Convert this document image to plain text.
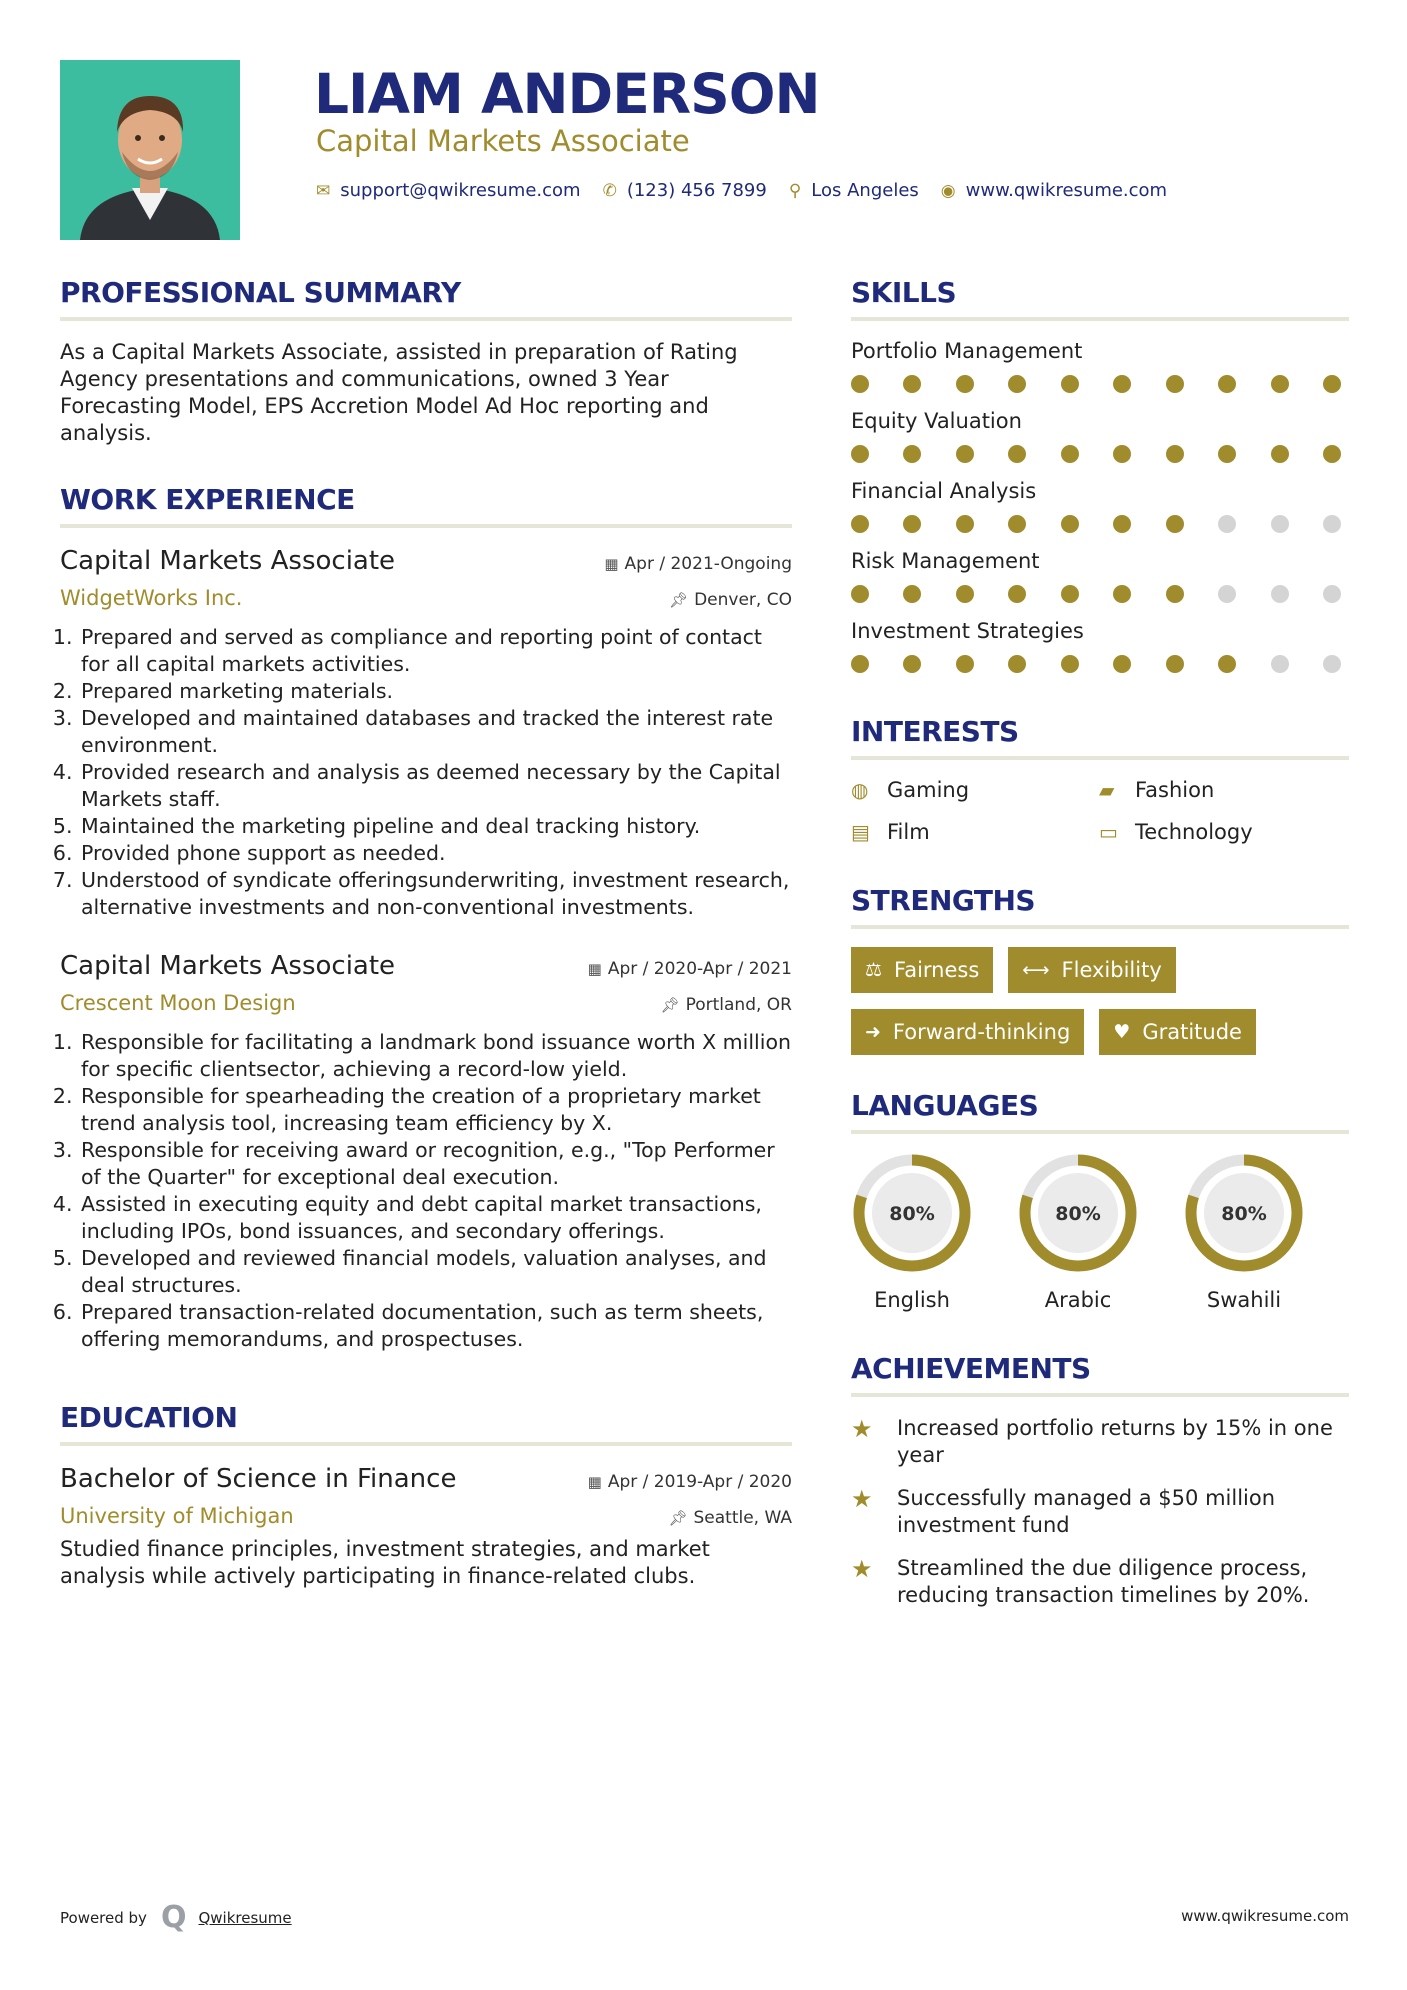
LIAM ANDERSON
Capital Markets Associate
✉ support@qwikresume.com ✆ (123) 456 7899 ⚲ Los Angeles ◉ www.qwikresume.com
PROFESSIONAL SUMMARY
As a Capital Markets Associate, assisted in preparation of Rating Agency presentations and communications, owned 3 Year Forecasting Model, EPS Accretion Model Ad Hoc reporting and analysis.
WORK EXPERIENCE
Capital Markets Associate	▦ Apr / 2021-Ongoing
WidgetWorks Inc.	📌︎ Denver, CO
1. Prepared and served as compliance and reporting point of contact for all capital markets activities.
2. Prepared marketing materials.
3. Developed and maintained databases and tracked the interest rate environment.
4. Provided research and analysis as deemed necessary by the Capital Markets staff.
5. Maintained the marketing pipeline and deal tracking history.
6. Provided phone support as needed.
7. Understood of syndicate offeringsunderwriting, investment research, alternative investments and non-conventional investments.
Capital Markets Associate	▦ Apr / 2020-Apr / 2021
Crescent Moon Design	📌︎ Portland, OR
1. Responsible for facilitating a landmark bond issuance worth X million for specific clientsector, achieving a record-low yield.
2. Responsible for spearheading the creation of a proprietary market trend analysis tool, increasing team efficiency by X.
3. Responsible for receiving award or recognition, e.g., "Top Performer of the Quarter" for exceptional deal execution.
4. Assisted in executing equity and debt capital market transactions, including IPOs, bond issuances, and secondary offerings.
5. Developed and reviewed financial models, valuation analyses, and deal structures.
6. Prepared transaction-related documentation, such as term sheets, offering memorandums, and prospectuses.
EDUCATION
Bachelor of Science in Finance	▦ Apr / 2019-Apr / 2020
University of Michigan	📌︎ Seattle, WA
Studied finance principles, investment strategies, and market analysis while actively participating in finance-related clubs.
SKILLS
Portfolio Management
Equity Valuation
Financial Analysis
Risk Management
Investment Strategies
INTERESTS
◍ Gaming	▰ Fashion
▤ Film	▭ Technology
STRENGTHS
⚖ Fairness ⟷ Flexibility
➜ Forward-thinking ♥ Gratitude
LANGUAGES
80%
English
80%
Arabic
80%
Swahili
ACHIEVEMENTS
★	Increased portfolio returns by 15% in one year
★	Successfully managed a $50 million investment fund
★	Streamlined the due diligence process, reducing transaction timelines by 20%.
Powered by Q Qwikresume	www.qwikresume.com
